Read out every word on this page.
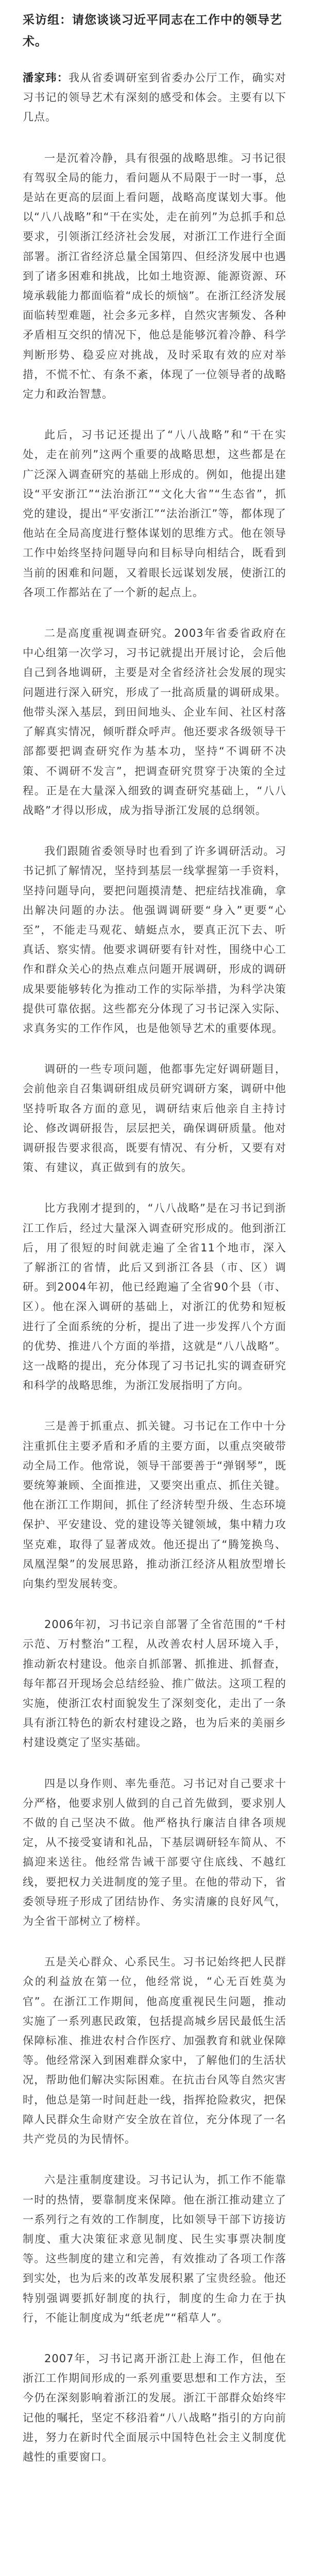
采访组：请您谈谈习近平同志在工作中的领导艺术。

潘家玮：我从省委调研室到省委办公厅工作，确实对习书记的领导艺术有深刻的感受和体会。主要有以下几点。

一是沉着冷静，具有很强的战略思维。习书记很有驾驭全局的能力，看问题从不局限于一时一事，总是站在更高的层面上看问题，战略高度谋划大事。他以“八八战略”和“干在实处，走在前列”为总抓手和总要求，引领浙江经济社会发展，对浙江工作进行全面部署。浙江省经济总量全国第四、但经济发展中也遇到了诸多困难和挑战，比如土地资源、能源资源、环境承载能力都面临着“成长的烦恼”。在浙江经济发展面临转型难题，社会多元多样，自然灾害频发、各种矛盾相互交织的情况下，他总是能够沉着冷静、科学判断形势、稳妥应对挑战，及时采取有效的应对举措，不慌不忙、有条不紊，体现了一位领导者的战略定力和政治智慧。

此后，习书记还提出了“八八战略”和“干在实处，走在前列”这两个重要的战略思想，这些都是在广泛深入调查研究的基础上形成的。例如，他提出建设“平安浙江”“法治浙江”“文化大省”“生态省”，抓党的建设，提出“平安浙江”“法治浙江”等，都体现了他站在全局高度进行整体谋划的思维方式。他在领导工作中始终坚持问题导向和目标导向相结合，既看到当前的困难和问题，又着眼长远谋划发展，使浙江的各项工作都站在了一个新的起点上。

二是高度重视调查研究。2003年省委省政府在中心组第一次学习，习书记就提出开展讨论，会后他自己到各地调研，主要是对全省经济社会发展的现实问题进行深入研究，形成了一批高质量的调研成果。他带头深入基层，到田间地头、企业车间、社区村落了解真实情况，倾听群众呼声。他还要求各级领导干部都要把调查研究作为基本功，坚持“不调研不决策、不调研不发言”，把调查研究贯穿于决策的全过程。正是在大量深入细致的调查研究基础上，“八八战略”才得以形成，成为指导浙江发展的总纲领。

我们跟随省委领导时也看到了许多调研活动。习书记抓了解情况，坚持到基层一线掌握第一手资料，坚持问题导向，要把问题摸清楚、把症结找准确，拿出解决问题的办法。他强调调研要“身入”更要“心至”，不能走马观花、蜻蜓点水，要真正沉下去、听真话、察实情。他要求调研要有针对性，围绕中心工作和群众关心的热点难点问题开展调研，形成的调研成果要能够转化为推动工作的实际举措，为科学决策提供可靠依据。这些都充分体现了习书记深入实际、求真务实的工作作风，也是他领导艺术的重要体现。

调研的一些专项问题，他都事先定好调研题目，会前他亲自召集调研组成员研究调研方案，调研中他坚持听取各方面的意见，调研结束后他亲自主持讨论、修改调研报告，层层把关，确保调研质量。他对调研报告要求很高，既要有情况、有分析，又要有对策、有建议，真正做到有的放矢。

比方我刚才提到的，“八八战略”是在习书记到浙江工作后，经过大量深入调查研究形成的。他到浙江后，用了很短的时间就走遍了全省11个地市，深入了解浙江的省情，此后又到浙江各县（市、区）调研。到2004年初，他已经跑遍了全省90个县（市、区）。他在深入调研的基础上，对浙江的优势和短板进行了全面系统的分析，提出了进一步发挥八个方面的优势、推进八个方面的举措，这就是“八八战略”。这一战略的提出，充分体现了习书记扎实的调查研究和科学的战略思维，为浙江发展指明了方向。

三是善于抓重点、抓关键。习书记在工作中十分注重抓住主要矛盾和矛盾的主要方面，以重点突破带动全局工作。他常说，领导干部要善于“弹钢琴”，既要统筹兼顾、全面推进，又要突出重点、抓住关键。他在浙江工作期间，抓住了经济转型升级、生态环境保护、平安建设、党的建设等关键领域，集中精力攻坚克难，取得了显著成效。他还提出了“腾笼换鸟、凤凰涅槃”的发展思路，推动浙江经济从粗放型增长向集约型发展转变。

2006年初，习书记亲自部署了全省范围的“千村示范、万村整治”工程，从改善农村人居环境入手，推动新农村建设。他亲自抓部署、抓推进、抓督查，每年都召开现场会总结经验、推广做法。这项工程的实施，使浙江农村面貌发生了深刻变化，走出了一条具有浙江特色的新农村建设之路，也为后来的美丽乡村建设奠定了坚实基础。

四是以身作则、率先垂范。习书记对自己要求十分严格，他要求别人做到的自己首先做到，要求别人不做的自己坚决不做。他严格执行廉洁自律各项规定，从不接受宴请和礼品，下基层调研轻车简从、不搞迎来送往。他经常告诫干部要守住底线、不越红线，要把权力关进制度的笼子里。在他的带动下，省委领导班子形成了团结协作、务实清廉的良好风气，为全省干部树立了榜样。

五是关心群众、心系民生。习书记始终把人民群众的利益放在第一位，他经常说，“心无百姓莫为官”。在浙江工作期间，他高度重视民生问题，推动实施了一系列惠民政策，包括提高城乡居民最低生活保障标准、推进农村合作医疗、加强教育和就业保障等。他经常深入到困难群众家中，了解他们的生活状况，帮助他们解决实际困难。在抗击台风等自然灾害时，他总是第一时间赶赴一线，指挥抢险救灾，把保障人民群众生命财产安全放在首位，充分体现了一名共产党员的为民情怀。

六是注重制度建设。习书记认为，抓工作不能靠一时的热情，要靠制度来保障。他在浙江推动建立了一系列行之有效的工作制度，比如领导干部下访接访制度、重大决策征求意见制度、民生实事票决制度等。这些制度的建立和完善，有效推动了各项工作落到实处，也为后来的改革发展积累了宝贵经验。他还特别强调要抓好制度的执行，制度的生命力在于执行，不能让制度成为“纸老虎”“稻草人”。

2007年，习书记离开浙江赴上海工作，但他在浙江工作期间形成的一系列重要思想和工作方法，至今仍在深刻影响着浙江的发展。浙江干部群众始终牢记他的嘱托，坚定不移沿着“八八战略”指引的方向前进，努力在新时代全面展示中国特色社会主义制度优越性的重要窗口。
